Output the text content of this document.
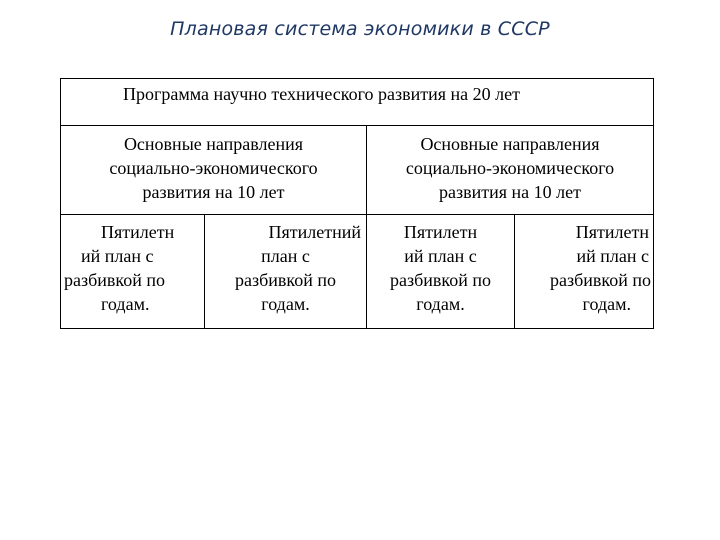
Плановая система экономики в СССР
Программа научно технического развития на 20 лет
Основные направления
социально-экономического
развития на 10 лет
Основные направления
социально-экономического
развития на 10 лет
Пятилетн
ий план с
разбивкой по
годам.
Пятилетний
план с
разбивкой по
годам.
Пятилетн
ий план с
разбивкой по
годам.
Пятилетн
ий план с
разбивкой по
годам.
